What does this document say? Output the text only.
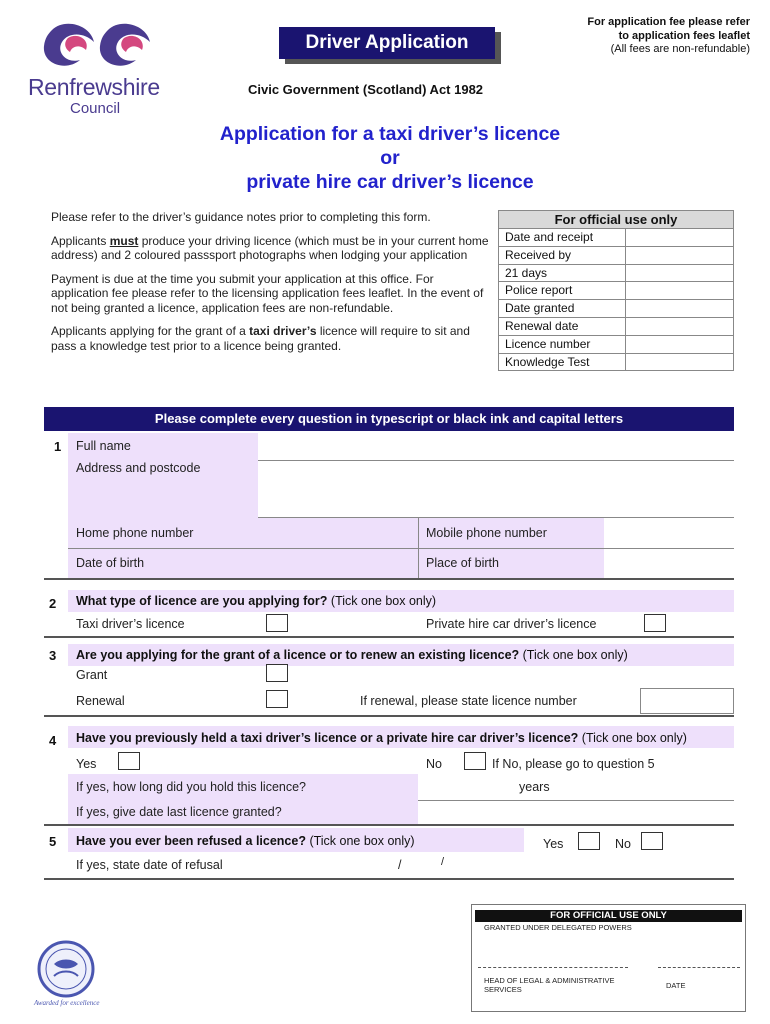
Renfrewshire
Council
Driver Application
For application fee please refer
to application fees leaflet
(All fees are non-refundable)
Civic Government (Scotland) Act 1982
Application for a taxi driver’s licence
or
private hire car driver’s licence

Please refer to the driver’s guidance notes prior to completing this form.

Applicants must produce your driving licence (which must be in your current home address) and 2 coloured passsport photographs when lodging your application

Payment is due at the time you submit your application at this office. For application fee please refer to the licensing application fees leaflet. In the event of not being granted a licence, application fees are non-refundable.

Applicants applying for the grant of a taxi driver’s licence will require to sit and pass a knowledge test prior to a licence being granted.

For official use only
Date and receipt
Received by
21 days
Police report
Date granted
Renewal date
Licence number
Knowledge Test
Please complete every question in typescript or black ink and capital letters
1 Full name
Address and postcode
Home phone number	Mobile phone number
Date of birth	Place of birth
2 What type of licence are you applying for? (Tick one box only)
Taxi driver’s licence	Private hire car driver’s licence
3 Are you applying for the grant of a licence or to renew an existing licence? (Tick one box only)
Grant
Renewal	If renewal, please state licence number
4 Have you previously held a taxi driver’s licence or a private hire car driver’s licence? (Tick one box only)
Yes	No	If No, please go to question 5
If yes, how long did you hold this licence?	years
If yes, give date last licence granted?
5 Have you ever been refused a licence? (Tick one box only)	Yes	No
If yes, state date of refusal	/	/
FOR OFFICIAL USE ONLY
GRANTED UNDER DELEGATED POWERS
HEAD OF LEGAL & ADMINISTRATIVE
SERVICES	DATE
Awarded for excellence
